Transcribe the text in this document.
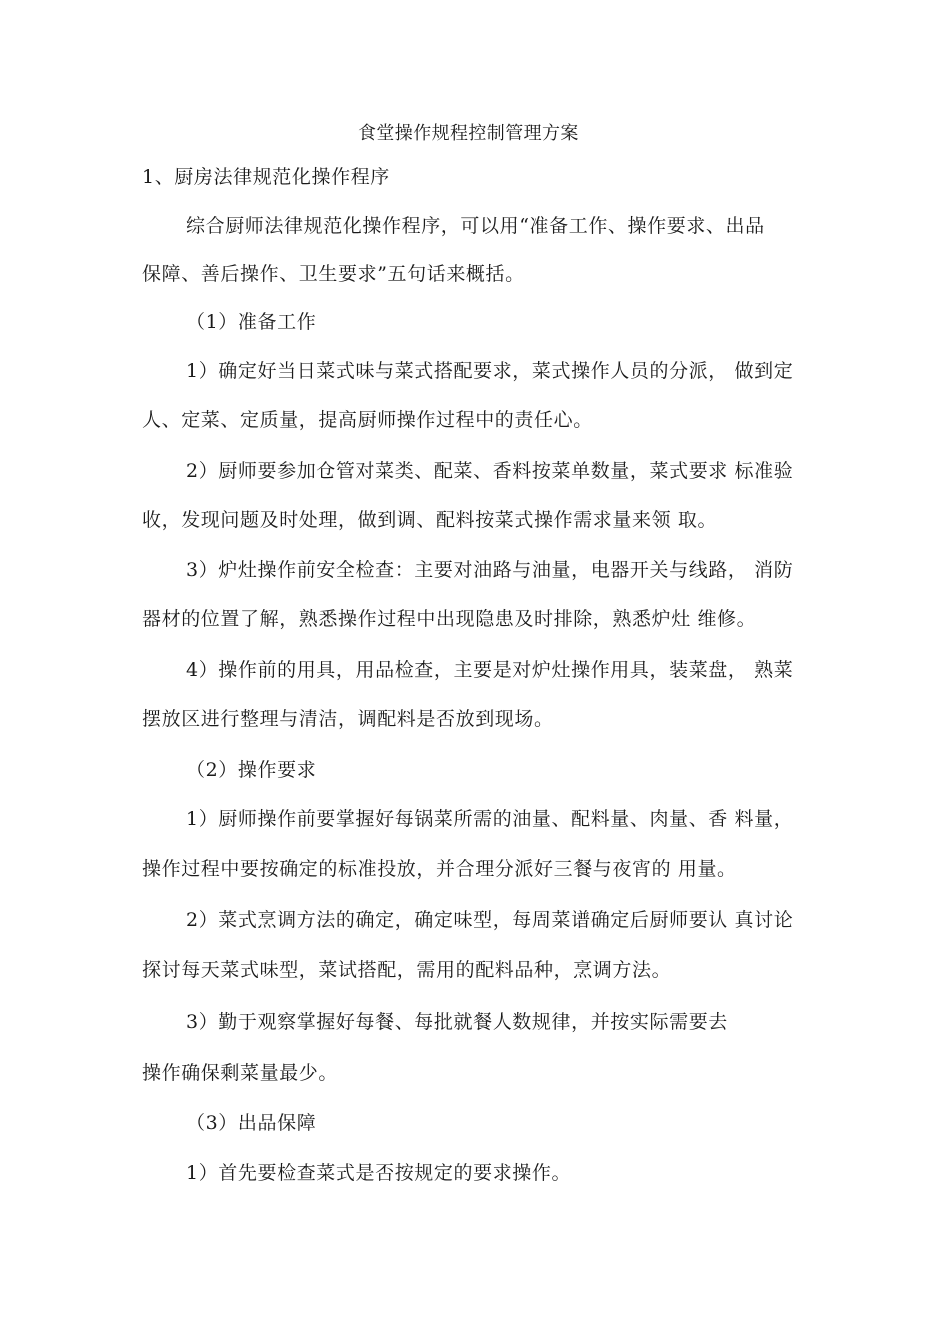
食堂操作规程控制管理方案
1、厨房法律规范化操作程序
综合厨师法律规范化操作程序，可以用“准备工作、操作要求、出品
保障、善后操作、卫生要求”五句话来概括。
（1）准备工作
1）确定好当日菜式味与菜式搭配要求，菜式操作人员的分派， 做到定
人、定菜、定质量，提高厨师操作过程中的责任心。
2）厨师要参加仓管对菜类、配菜、香料按菜单数量，菜式要求 标准验
收，发现问题及时处理，做到调、配料按菜式操作需求量来领 取。
3）炉灶操作前安全检查：主要对油路与油量，电器开关与线路， 消防
器材的位置了解，熟悉操作过程中出现隐患及时排除，熟悉炉灶 维修。
4）操作前的用具，用品检查，主要是对炉灶操作用具，装菜盘， 熟菜
摆放区进行整理与清洁，调配料是否放到现场。
（2）操作要求
1）厨师操作前要掌握好每锅菜所需的油量、配料量、肉量、香 料量，
操作过程中要按确定的标准投放，并合理分派好三餐与夜宵的 用量。
2）菜式烹调方法的确定，确定味型，每周菜谱确定后厨师要认 真讨论
探讨每天菜式味型，菜试搭配，需用的配料品种，烹调方法。
3）勤于观察掌握好每餐、每批就餐人数规律，并按实际需要去
操作确保剩菜量最少。
（3）出品保障
1）首先要检查菜式是否按规定的要求操作。
